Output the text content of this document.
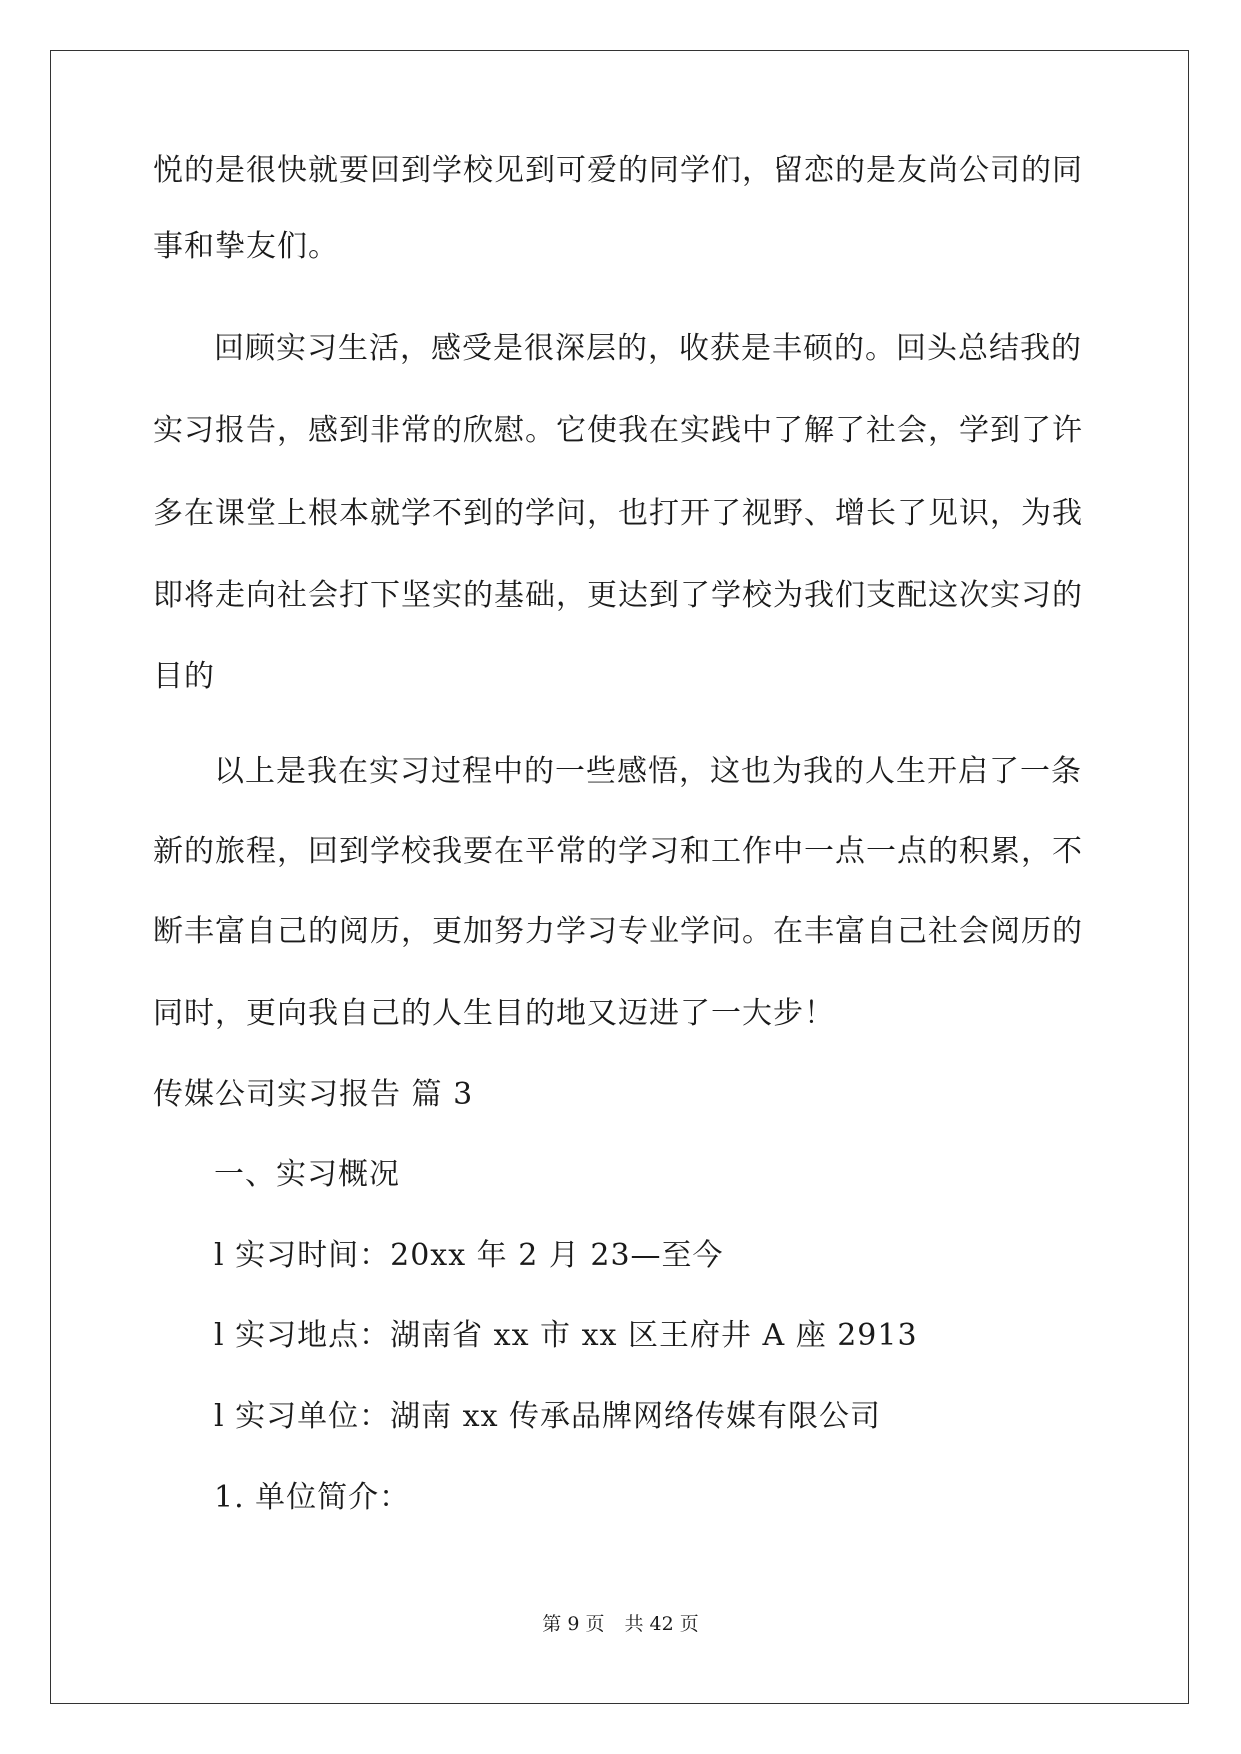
悦的是很快就要回到学校见到可爱的同学们，留恋的是友尚公司的同

事和挚友们。

回顾实习生活，感受是很深层的，收获是丰硕的。回头总结我的

实习报告，感到非常的欣慰。它使我在实践中了解了社会，学到了许

多在课堂上根本就学不到的学问，也打开了视野、增长了见识，为我

即将走向社会打下坚实的基础，更达到了学校为我们支配这次实习的

目的

以上是我在实习过程中的一些感悟，这也为我的人生开启了一条

新的旅程，回到学校我要在平常的学习和工作中一点一点的积累，不

断丰富自己的阅历，更加努力学习专业学问。在丰富自己社会阅历的

同时，更向我自己的人生目的地又迈进了一大步！

传媒公司实习报告 篇 3

一、实习概况

l 实习时间：20xx 年 2 月 23—至今

l 实习地点：湖南省 xx 市 xx 区王府井 A 座 2913

l 实习单位：湖南 xx 传承品牌网络传媒有限公司

1. 单位简介：

第 9 页 共 42 页
